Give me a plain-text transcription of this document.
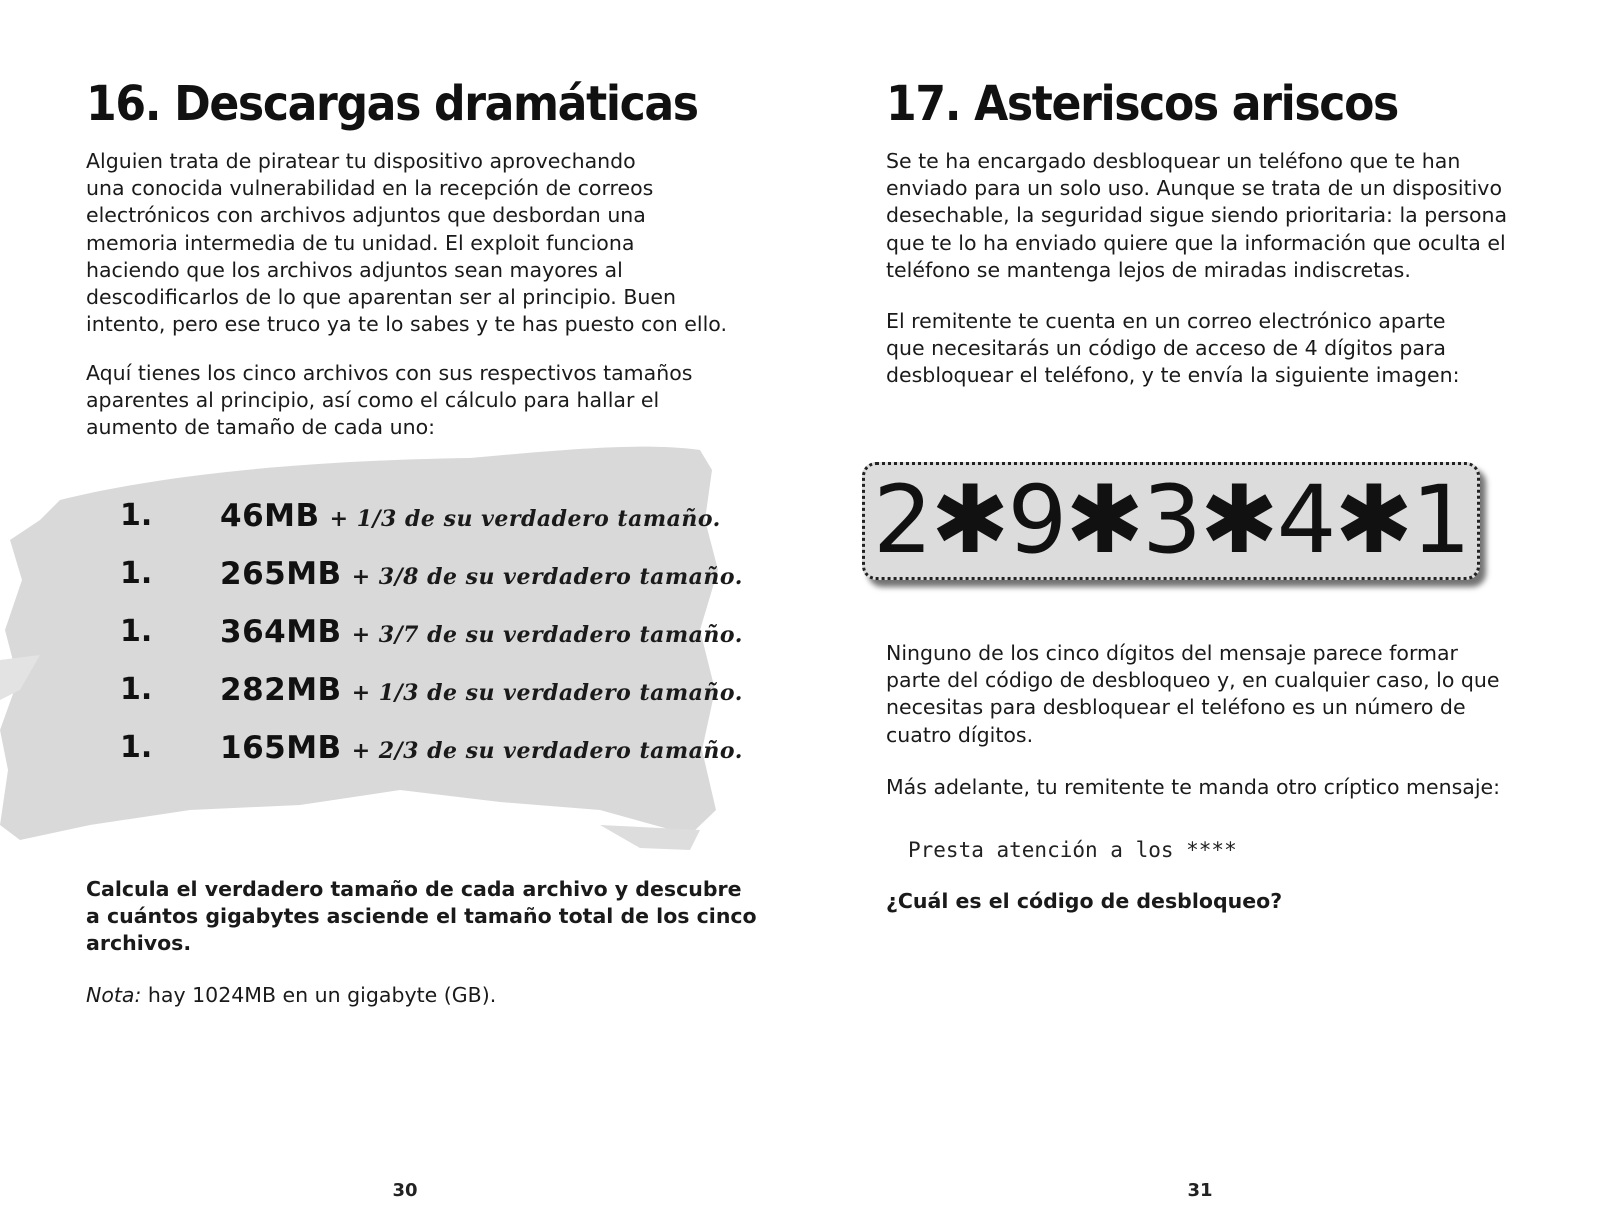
16. Descargas dramáticas

Alguien trata de piratear tu dispositivo aprovechando
una conocida vulnerabilidad en la recepción de correos
electrónicos con archivos adjuntos que desbordan una
memoria intermedia de tu unidad. El exploit funciona
haciendo que los archivos adjuntos sean mayores al
descodificarlos de lo que aparentan ser al principio. Buen
intento, pero ese truco ya te lo sabes y te has puesto con ello.

Aquí tienes los cinco archivos con sus respectivos tamaños
aparentes al principio, así como el cálculo para hallar el
aumento de tamaño de cada uno:

1. 46MB + 1/3 de su verdadero tamaño.
1. 265MB + 3/8 de su verdadero tamaño.
1. 364MB + 3/7 de su verdadero tamaño.
1. 282MB + 1/3 de su verdadero tamaño.
1. 165MB + 2/3 de su verdadero tamaño.

Calcula el verdadero tamaño de cada archivo y descubre
a cuántos gigabytes asciende el tamaño total de los cinco
archivos.

Nota: hay 1024MB en un gigabyte (GB).

30
17. Asteriscos ariscos

Se te ha encargado desbloquear un teléfono que te han
enviado para un solo uso. Aunque se trata de un dispositivo
desechable, la seguridad sigue siendo prioritaria: la persona
que te lo ha enviado quiere que la información que oculta el
teléfono se mantenga lejos de miradas indiscretas.

El remitente te cuenta en un correo electrónico aparte
que necesitarás un código de acceso de 4 dígitos para
desbloquear el teléfono, y te envía la siguiente imagen:

2✱9✱3✱4✱1

Ninguno de los cinco dígitos del mensaje parece formar
parte del código de desbloqueo y, en cualquier caso, lo que
necesitas para desbloquear el teléfono es un número de
cuatro dígitos.

Más adelante, tu remitente te manda otro críptico mensaje:

Presta atención a los ****

¿Cuál es el código de desbloqueo?

31
